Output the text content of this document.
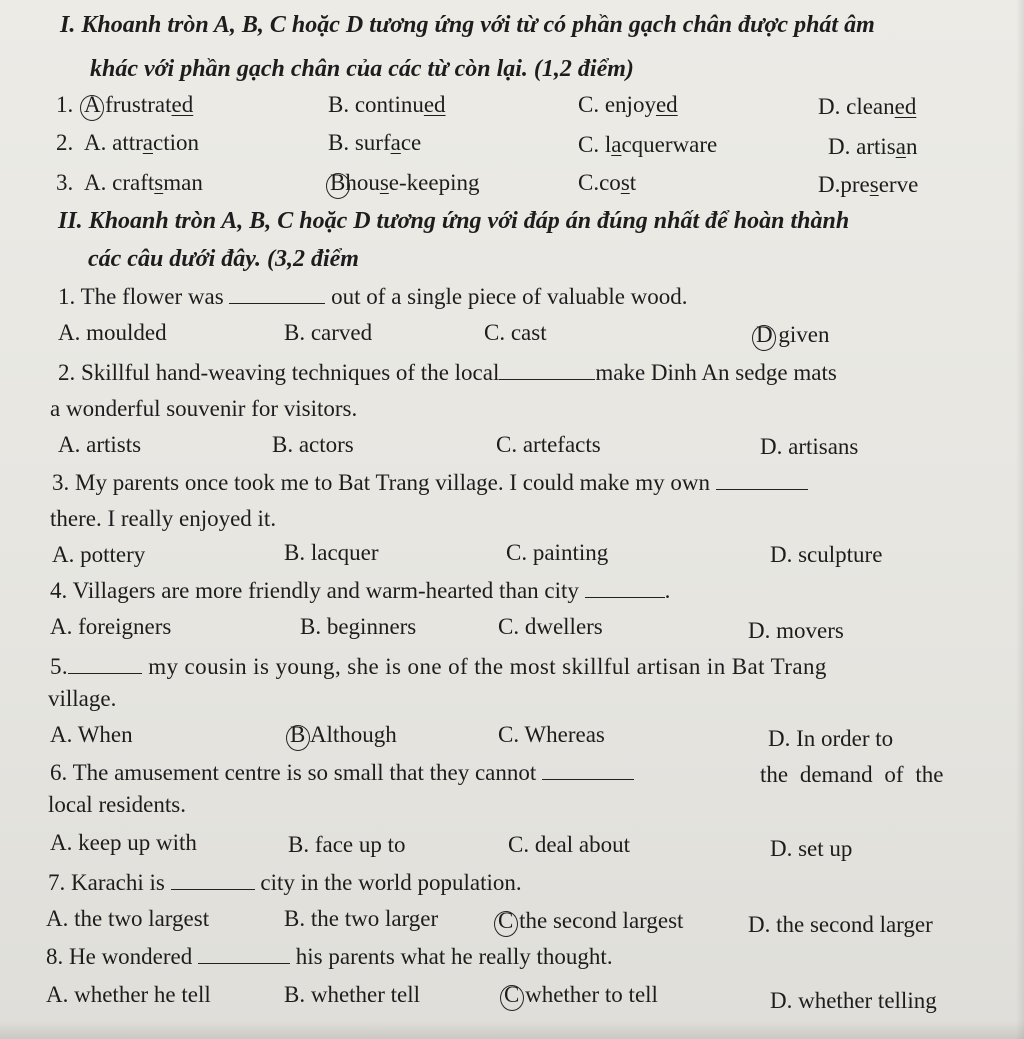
I. Khoanh tròn A, B, C hoặc D tương ứng với từ có phần gạch chân được phát âm
khác với phần gạch chân của các từ còn lại. (1,2 điểm)
1. A frustrated	B. continued	C. enjoyed	D. cleaned
2. A. attraction	B. surface	C. lacquerware	D. artisan
3. A. craftsman	Bhouse-keeping	C.cost	D.preserve
II. Khoanh tròn A, B, C hoặc D tương ứng với đáp án đúng nhất để hoàn thành
các câu dưới đây. (3,2 điểm
1. The flower was	out of a single piece of valuable wood.
A. moulded	B. carved	C. cast	D given
2. Skillful hand-weaving techniques of the local	make Dinh An sedge mats
a wonderful souvenir for visitors.
A. artists	B. actors	C. artefacts	D. artisans
3. My parents once took me to Bat Trang village. I could make my own
there. I really enjoyed it.
A. pottery	B. lacquer	C. painting	D. sculpture
4. Villagers are more friendly and warm-hearted than city	.
A. foreigners	B. beginners	C. dwellers	D. movers
5.	my cousin is young, she is one of the most skillful artisan in Bat Trang
village.
A. When	B Although	C. Whereas	D. In order to
6. The amusement centre is so small that they cannot	the demand of the
local residents.
A. keep up with	B. face up to	C. deal about	D. set up
7. Karachi is	city in the world population.
A. the two largest	B. the two larger	C the second largest	D. the second larger
8. He wondered	his parents what he really thought.
A. whether he tell	B. whether tell	C whether to tell	D. whether telling
